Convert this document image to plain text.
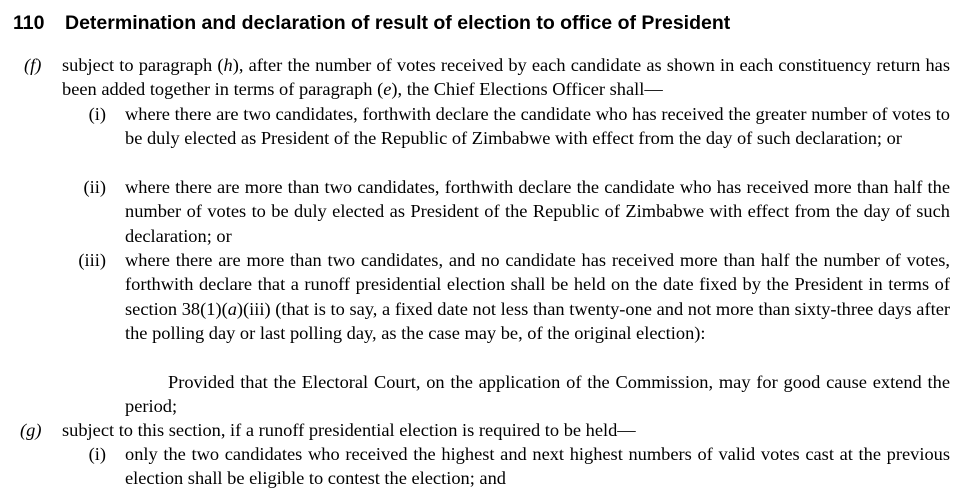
110 Determination and declaration of result of election to office of President
(f)	subject to paragraph (h), after the number of votes received by each candidate as shown in each constituency return has been added together in terms of paragraph (e), the Chief Elections Officer shall—
(i) where there are two candidates, forthwith declare the candidate who has received the greater number of votes to be duly elected as President of the Republic of Zimbabwe with effect from the day of such declaration; or
(ii) where there are more than two candidates, forthwith declare the candidate who has received more than half the number of votes to be duly elected as President of the Republic of Zimbabwe with effect from the day of such declaration; or
(iii) where there are more than two candidates, and no candidate has received more than half the number of votes, forthwith declare that a runoff presidential election shall be held on the date fixed by the President in terms of section 38(1)(a)(iii) (that is to say, a fixed date not less than twenty-one and not more than sixty-three days after the polling day or last polling day, as the case may be, of the original election):
Provided that the Electoral Court, on the application of the Commission, may for good cause extend the period;
(g)	subject to this section, if a runoff presidential election is required to be held—
(i) only the two candidates who received the highest and next highest numbers of valid votes cast at the previous election shall be eligible to contest the election; and
